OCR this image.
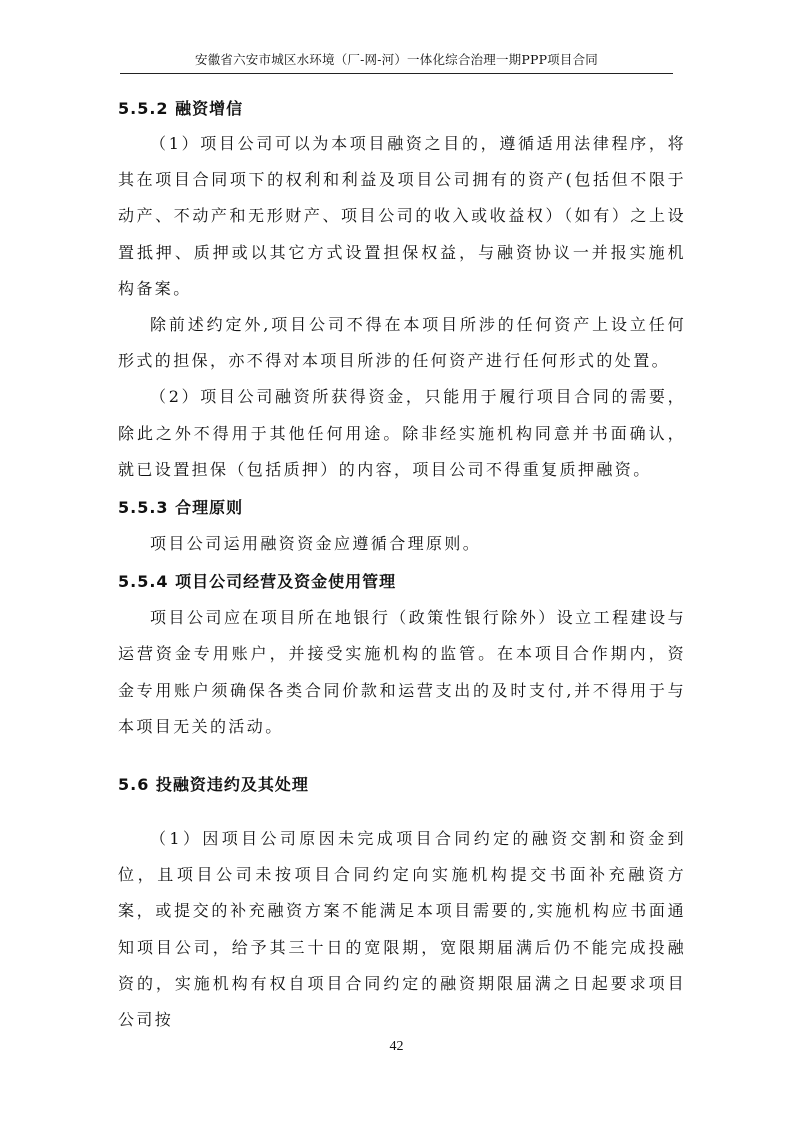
安徽省六安市城区水环境（厂-网-河）一体化综合治理一期PPP项目合同
5.5.2 融资增信

（1）项目公司可以为本项目融资之目的，遵循适用法律程序，将其在项目合同项下的权利和利益及项目公司拥有的资产(包括但不限于动产、不动产和无形财产、项目公司的收入或收益权）（如有）之上设置抵押、质押或以其它方式设置担保权益，与融资协议一并报实施机构备案。

除前述约定外,项目公司不得在本项目所涉的任何资产上设立任何形式的担保，亦不得对本项目所涉的任何资产进行任何形式的处置。

（2）项目公司融资所获得资金，只能用于履行项目合同的需要，除此之外不得用于其他任何用途。除非经实施机构同意并书面确认，就已设置担保（包括质押）的内容，项目公司不得重复质押融资。

5.5.3 合理原则

项目公司运用融资资金应遵循合理原则。

5.5.4 项目公司经营及资金使用管理

项目公司应在项目所在地银行（政策性银行除外）设立工程建设与运营资金专用账户，并接受实施机构的监管。在本项目合作期内，资金专用账户须确保各类合同价款和运营支出的及时支付,并不得用于与本项目无关的活动。

5.6 投融资违约及其处理

（1）因项目公司原因未完成项目合同约定的融资交割和资金到位，且项目公司未按项目合同约定向实施机构提交书面补充融资方案，或提交的补充融资方案不能满足本项目需要的,实施机构应书面通知项目公司，给予其三十日的宽限期，宽限期届满后仍不能完成投融资的，实施机构有权自项目合同约定的融资期限届满之日起要求项目公司按

42
